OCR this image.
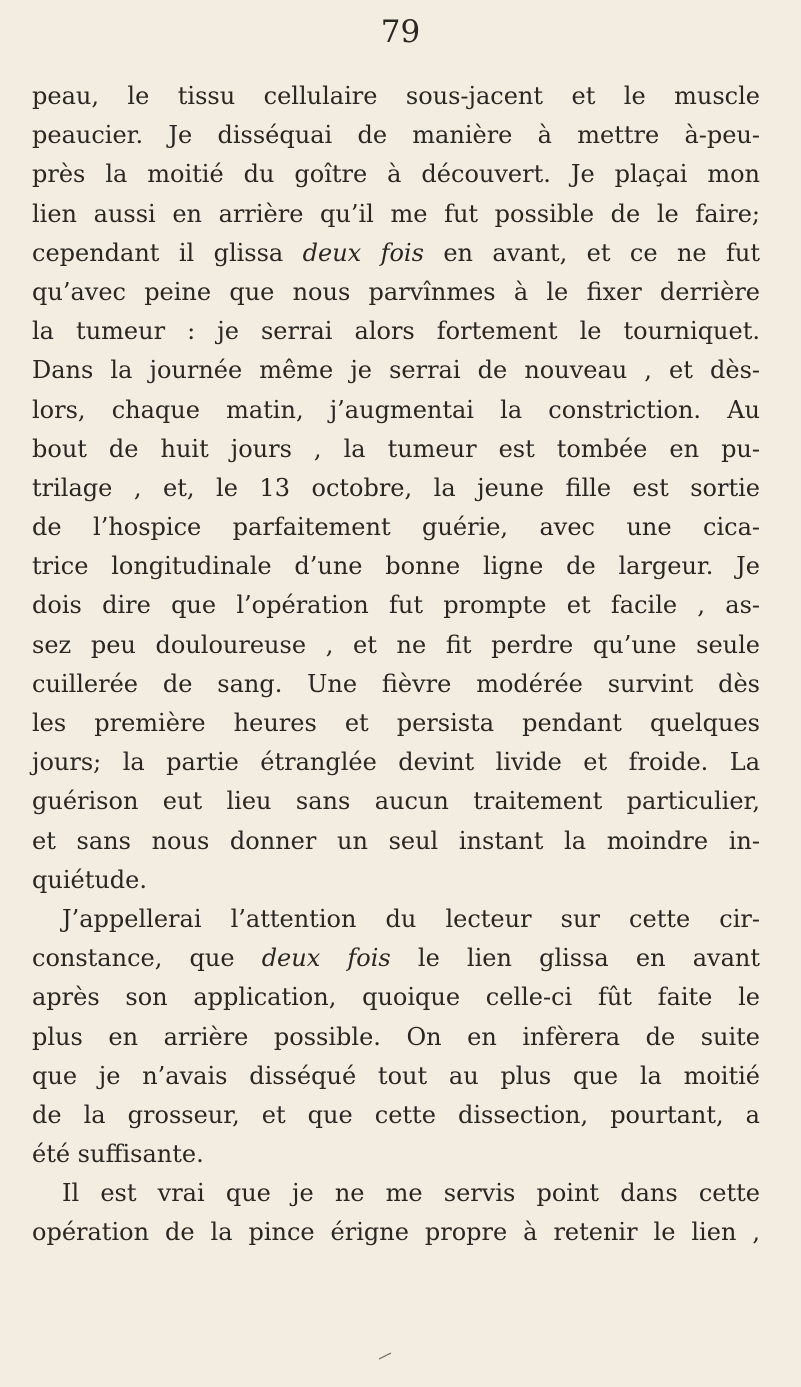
79
peau, le tissu cellulaire sous-jacent et le muscle
peaucier. Je disséquai de manière à mettre à-peu-
près la moitié du goître à découvert. Je plaçai mon
lien aussi en arrière qu’il me fut possible de le faire;
cependant il glissa deux fois en avant, et ce ne fut
qu’avec peine que nous parvînmes à le fixer derrière
la tumeur : je serrai alors fortement le tourniquet.
Dans la journée même je serrai de nouveau , et dès-
lors, chaque matin, j’augmentai la constriction. Au
bout de huit jours , la tumeur est tombée en pu-
trilage , et, le 13 octobre, la jeune fille est sortie
de l’hospice parfaitement guérie, avec une cica-
trice longitudinale d’une bonne ligne de largeur. Je
dois dire que l’opération fut prompte et facile , as-
sez peu douloureuse , et ne fit perdre qu’une seule
cuillerée de sang. Une fièvre modérée survint dès
les première heures et persista pendant quelques
jours; la partie étranglée devint livide et froide. La
guérison eut lieu sans aucun traitement particulier,
et sans nous donner un seul instant la moindre in-
quiétude.
J’appellerai l’attention du lecteur sur cette cir-
constance, que deux fois le lien glissa en avant
après son application, quoique celle-ci fût faite le
plus en arrière possible. On en infèrera de suite
que je n’avais disséqué tout au plus que la moitié
de la grosseur, et que cette dissection, pourtant, a
été suffisante.
Il est vrai que je ne me servis point dans cette
opération de la pince érigne propre à retenir le lien ,
